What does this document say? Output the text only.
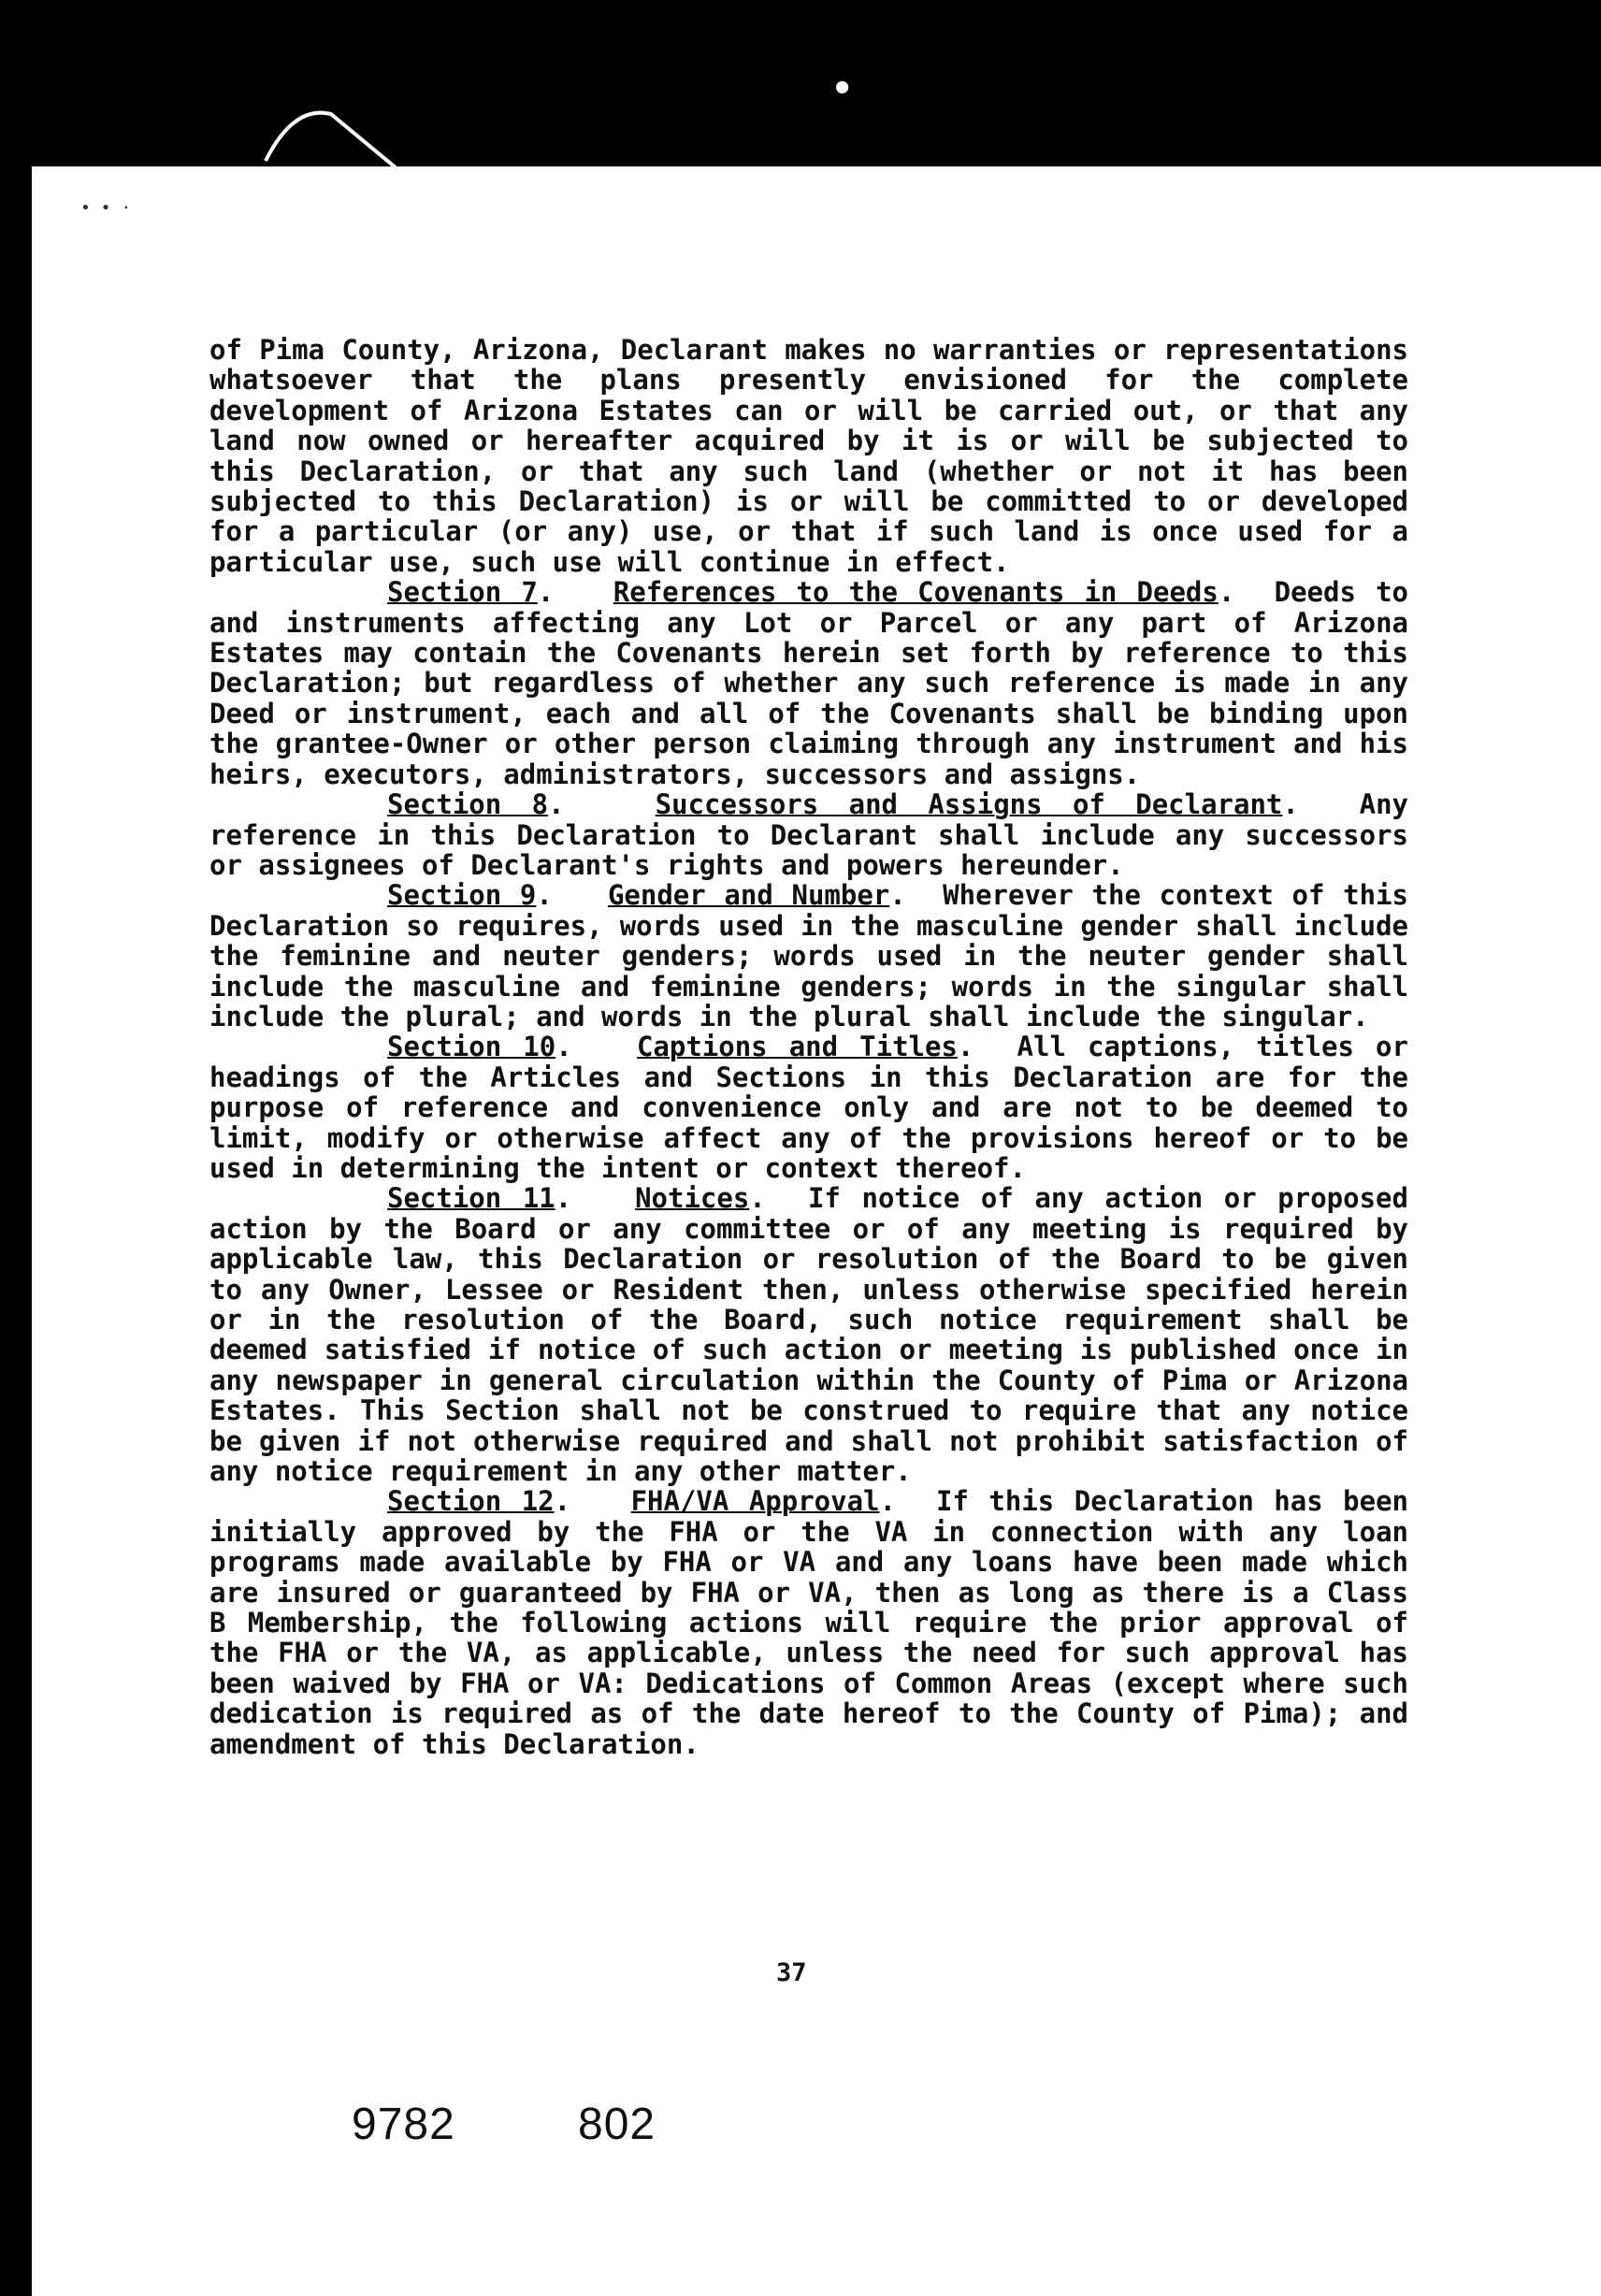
●
• • ·

of Pima County, Arizona, Declarant makes no warranties or representations whatsoever that the plans presently envisioned for the complete development of Arizona Estates can or will be carried out, or that any land now owned or hereafter acquired by it is or will be subjected to this Declaration, or that any such land (whether or not it has been subjected to this Declaration) is or will be committed to or developed for a particular (or any) use, or that if such land is once used for a particular use, such use will continue in effect.

Section 7.   References to the Covenants in Deeds.  Deeds to and instruments affecting any Lot or Parcel or any part of Arizona Estates may contain the Covenants herein set forth by reference to this Declaration; but regardless of whether any such reference is made in any Deed or instrument, each and all of the Covenants shall be binding upon the grantee-Owner or other person claiming through any instrument and his heirs, executors, administrators, successors and assigns.

Section 8.   Successors and Assigns of Declarant.  Any reference in this Declaration to Declarant shall include any successors or assignees of Declarant's rights and powers hereunder.

Section 9.   Gender and Number.  Wherever the context of this Declaration so requires, words used in the masculine gender shall include the feminine and neuter genders; words used in the neuter gender shall include the masculine and feminine genders; words in the singular shall include the plural; and words in the plural shall include the singular.

Section 10.   Captions and Titles.  All captions, titles or headings of the Articles and Sections in this Declaration are for the purpose of reference and convenience only and are not to be deemed to limit, modify or otherwise affect any of the provisions hereof or to be used in determining the intent or context thereof.

Section 11.   Notices.  If notice of any action or proposed action by the Board or any committee or of any meeting is required by applicable law, this Declaration or resolution of the Board to be given to any Owner, Lessee or Resident then, unless otherwise specified herein or in the resolution of the Board, such notice requirement shall be deemed satisfied if notice of such action or meeting is published once in any newspaper in general circulation within the County of Pima or Arizona Estates. This Section shall not be construed to require that any notice be given if not otherwise required and shall not prohibit satisfaction of any notice requirement in any other matter.

Section 12.   FHA/VA Approval.  If this Declaration has been initially approved by the FHA or the VA in connection with any loan programs made available by FHA or VA and any loans have been made which are insured or guaranteed by FHA or VA, then as long as there is a Class B Membership, the following actions will require the prior approval of the FHA or the VA, as applicable, unless the need for such approval has been waived by FHA or VA: Dedications of Common Areas (except where such dedication is required as of the date hereof to the County of Pima); and amendment of this Declaration.

37
9782	802
